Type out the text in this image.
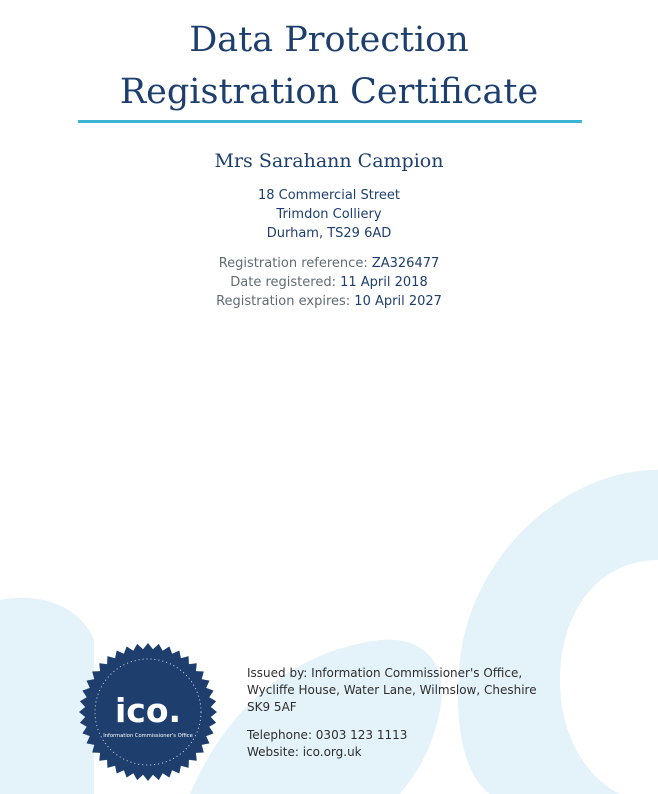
Data Protection
Registration Certificate
Mrs Sarahann Campion
18 Commercial Street
Trimdon Colliery
Durham, TS29 6AD
Registration reference: ZA326477
Date registered: 11 April 2018
Registration expires: 10 April 2027
ico.
Information Commissioner's Office
Issued by: Information Commissioner's Office,
Wycliffe House, Water Lane, Wilmslow, Cheshire
SK9 5AF
Telephone: 0303 123 1113
Website: ico.org.uk
